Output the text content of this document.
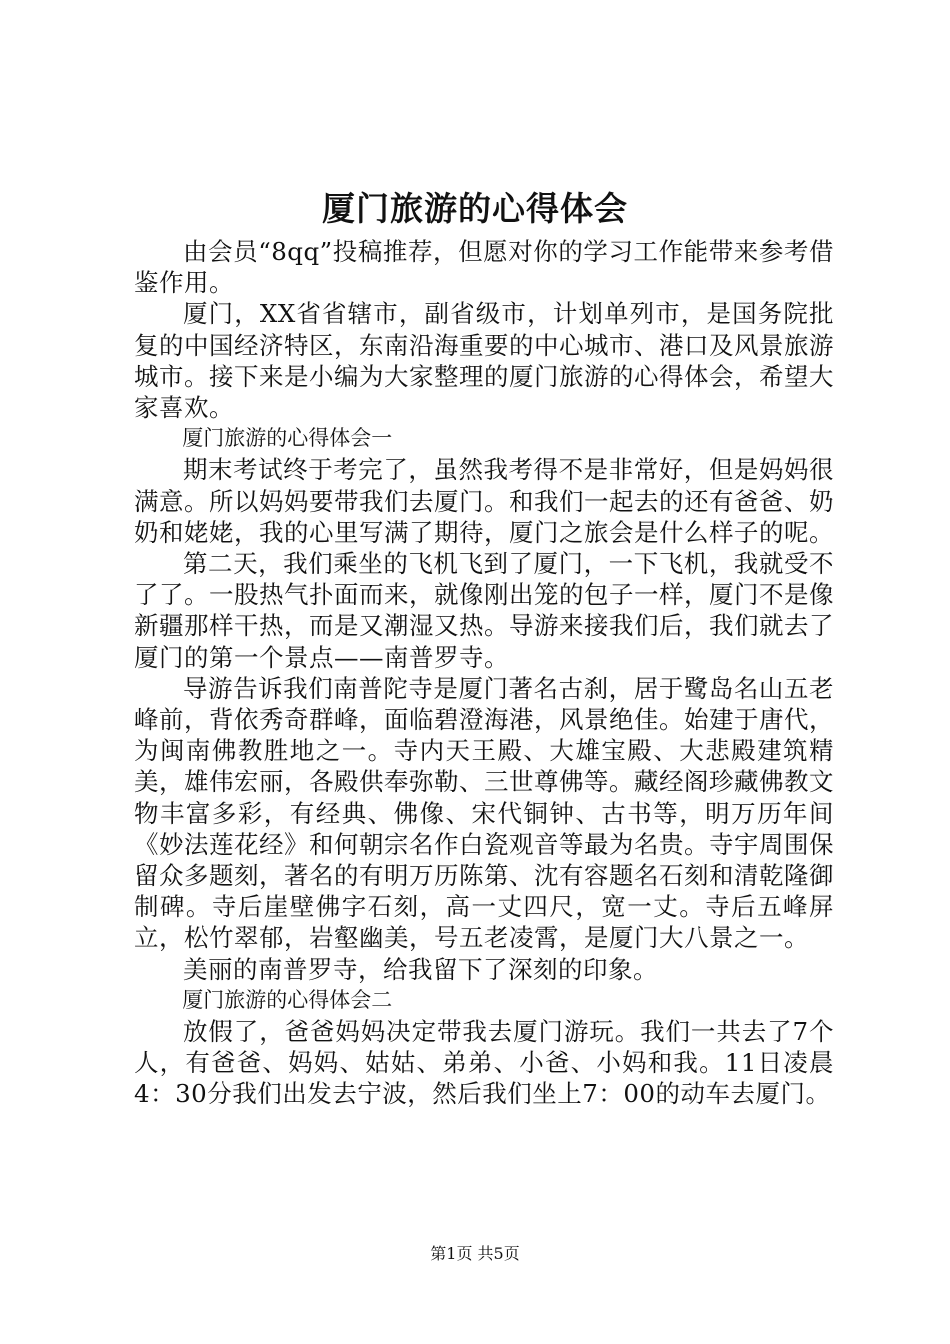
厦门旅游的心得体会

由会员“8qq”投稿推荐，但愿对你的学习工作能带来参考借鉴作用。

厦门，XX省省辖市，副省级市，计划单列市，是国务院批复的中国经济特区，东南沿海重要的中心城市、港口及风景旅游城市。接下来是小编为大家整理的厦门旅游的心得体会，希望大家喜欢。

厦门旅游的心得体会一

期末考试终于考完了，虽然我考得不是非常好，但是妈妈很满意。所以妈妈要带我们去厦门。和我们一起去的还有爸爸、奶奶和姥姥，我的心里写满了期待，厦门之旅会是什么样子的呢。

第二天，我们乘坐的飞机飞到了厦门，一下飞机，我就受不了了。一股热气扑面而来，就像刚出笼的包子一样，厦门不是像新疆那样干热，而是又潮湿又热。导游来接我们后，我们就去了厦门的第一个景点——南普罗寺。

导游告诉我们南普陀寺是厦门著名古刹，居于鹭岛名山五老峰前，背依秀奇群峰，面临碧澄海港，风景绝佳。始建于唐代，为闽南佛教胜地之一。寺内天王殿、大雄宝殿、大悲殿建筑精美，雄伟宏丽，各殿供奉弥勒、三世尊佛等。藏经阁珍藏佛教文物丰富多彩，有经典、佛像、宋代铜钟、古书等，明万历年间《妙法莲花经》和何朝宗名作白瓷观音等最为名贵。寺宇周围保留众多题刻，著名的有明万历陈第、沈有容题名石刻和清乾隆御制碑。寺后崖壁佛字石刻，高一丈四尺，宽一丈。寺后五峰屏立，松竹翠郁，岩壑幽美，号五老凌霄，是厦门大八景之一。

美丽的南普罗寺，给我留下了深刻的印象。

厦门旅游的心得体会二

放假了，爸爸妈妈决定带我去厦门游玩。我们一共去了7个人，有爸爸、妈妈、姑姑、弟弟、小爸、小妈和我。11日凌晨4：30分我们出发去宁波，然后我们坐上7：00的动车去厦门。

第1页 共5页
